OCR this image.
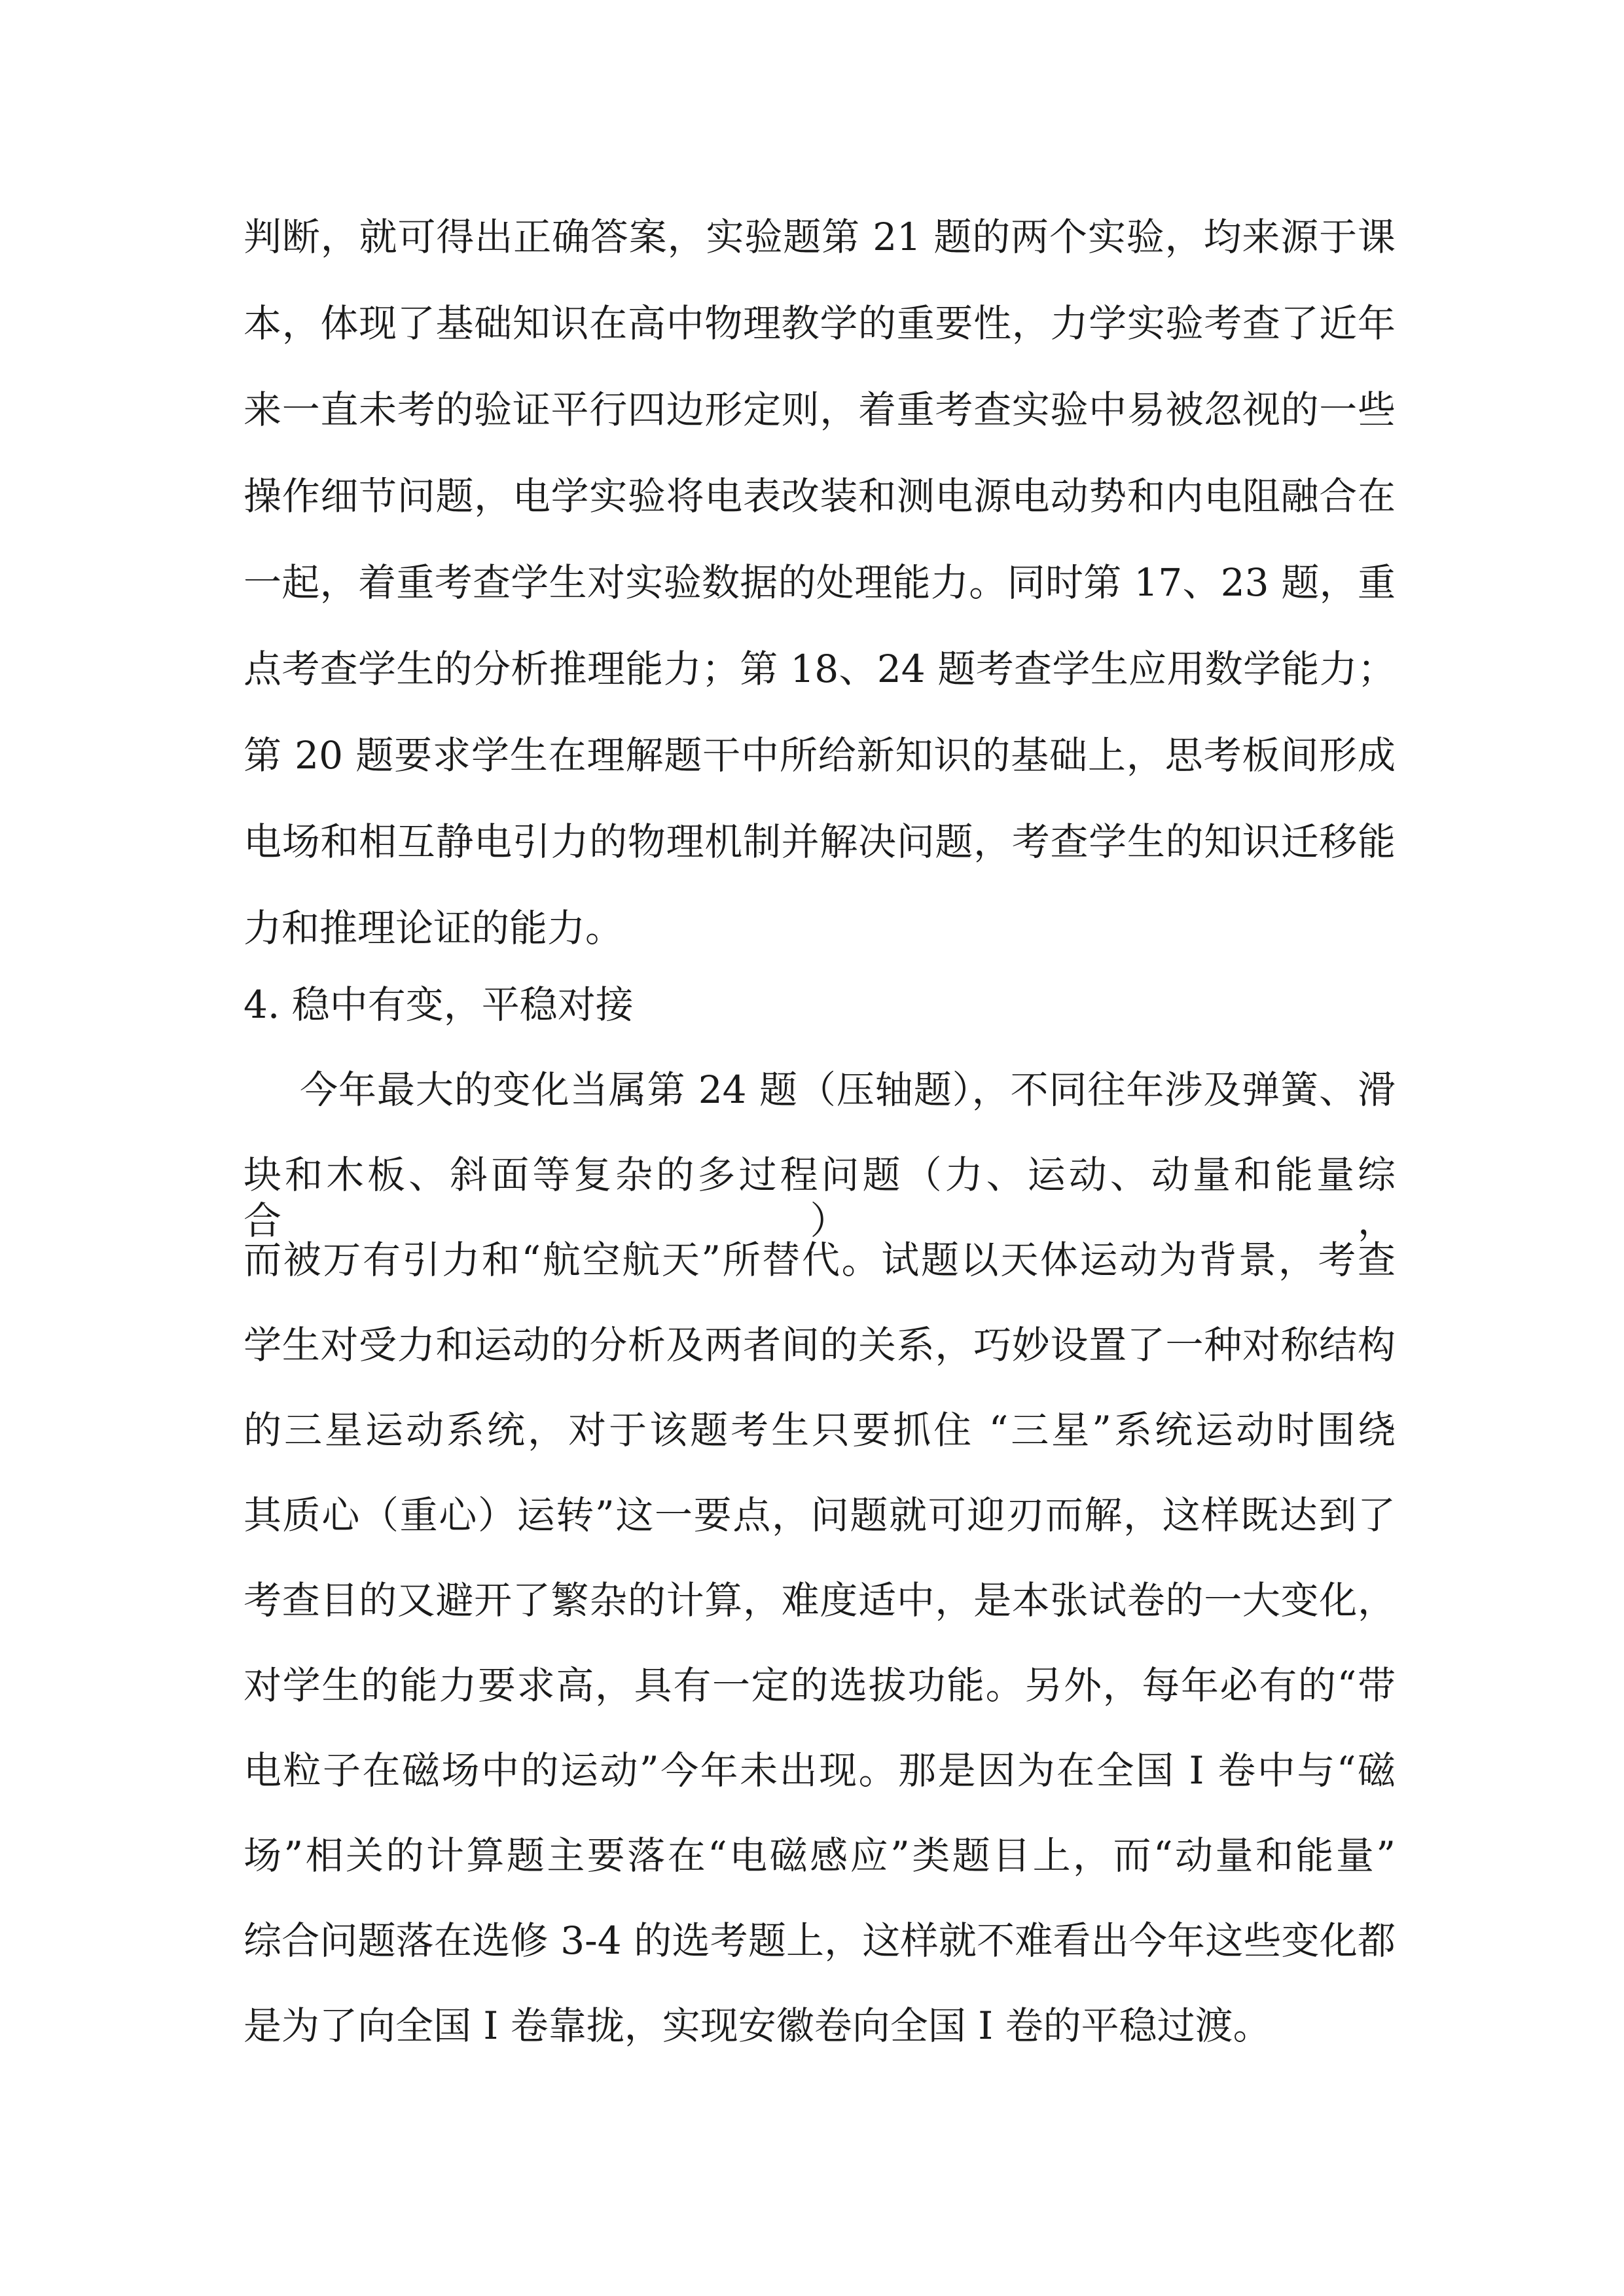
判断，就可得出正确答案，实验题第 21 题的两个实验，均来源于课
本，体现了基础知识在高中物理教学的重要性，力学实验考查了近年
来一直未考的验证平行四边形定则，着重考查实验中易被忽视的一些
操作细节问题，电学实验将电表改装和测电源电动势和内电阻融合在
一起，着重考查学生对实验数据的处理能力。同时第 17、23 题，重
点考查学生的分析推理能力；第 18、24 题考查学生应用数学能力；
第 20 题要求学生在理解题干中所给新知识的基础上，思考板间形成
电场和相互静电引力的物理机制并解决问题，考查学生的知识迁移能
力和推理论证的能力。
4. 稳中有变，平稳对接
今年最大的变化当属第 24 题（压轴题），不同往年涉及弹簧、滑
块和木板、斜面等复杂的多过程问题（力、运动、动量和能量综合），
而被万有引力和“航空航天”所替代。试题以天体运动为背景，考查
学生对受力和运动的分析及两者间的关系，巧妙设置了一种对称结构
的三星运动系统，对于该题考生只要抓住 “三星”系统运动时围绕
其质心（重心）运转”这一要点，问题就可迎刃而解，这样既达到了
考查目的又避开了繁杂的计算，难度适中，是本张试卷的一大变化，
对学生的能力要求高，具有一定的选拔功能。另外，每年必有的“带
电粒子在磁场中的运动”今年未出现。那是因为在全国 I 卷中与“磁
场”相关的计算题主要落在“电磁感应”类题目上，而“动量和能量”
综合问题落在选修 3-4 的选考题上，这样就不难看出今年这些变化都
是为了向全国 I 卷靠拢，实现安徽卷向全国 I 卷的平稳过渡。
